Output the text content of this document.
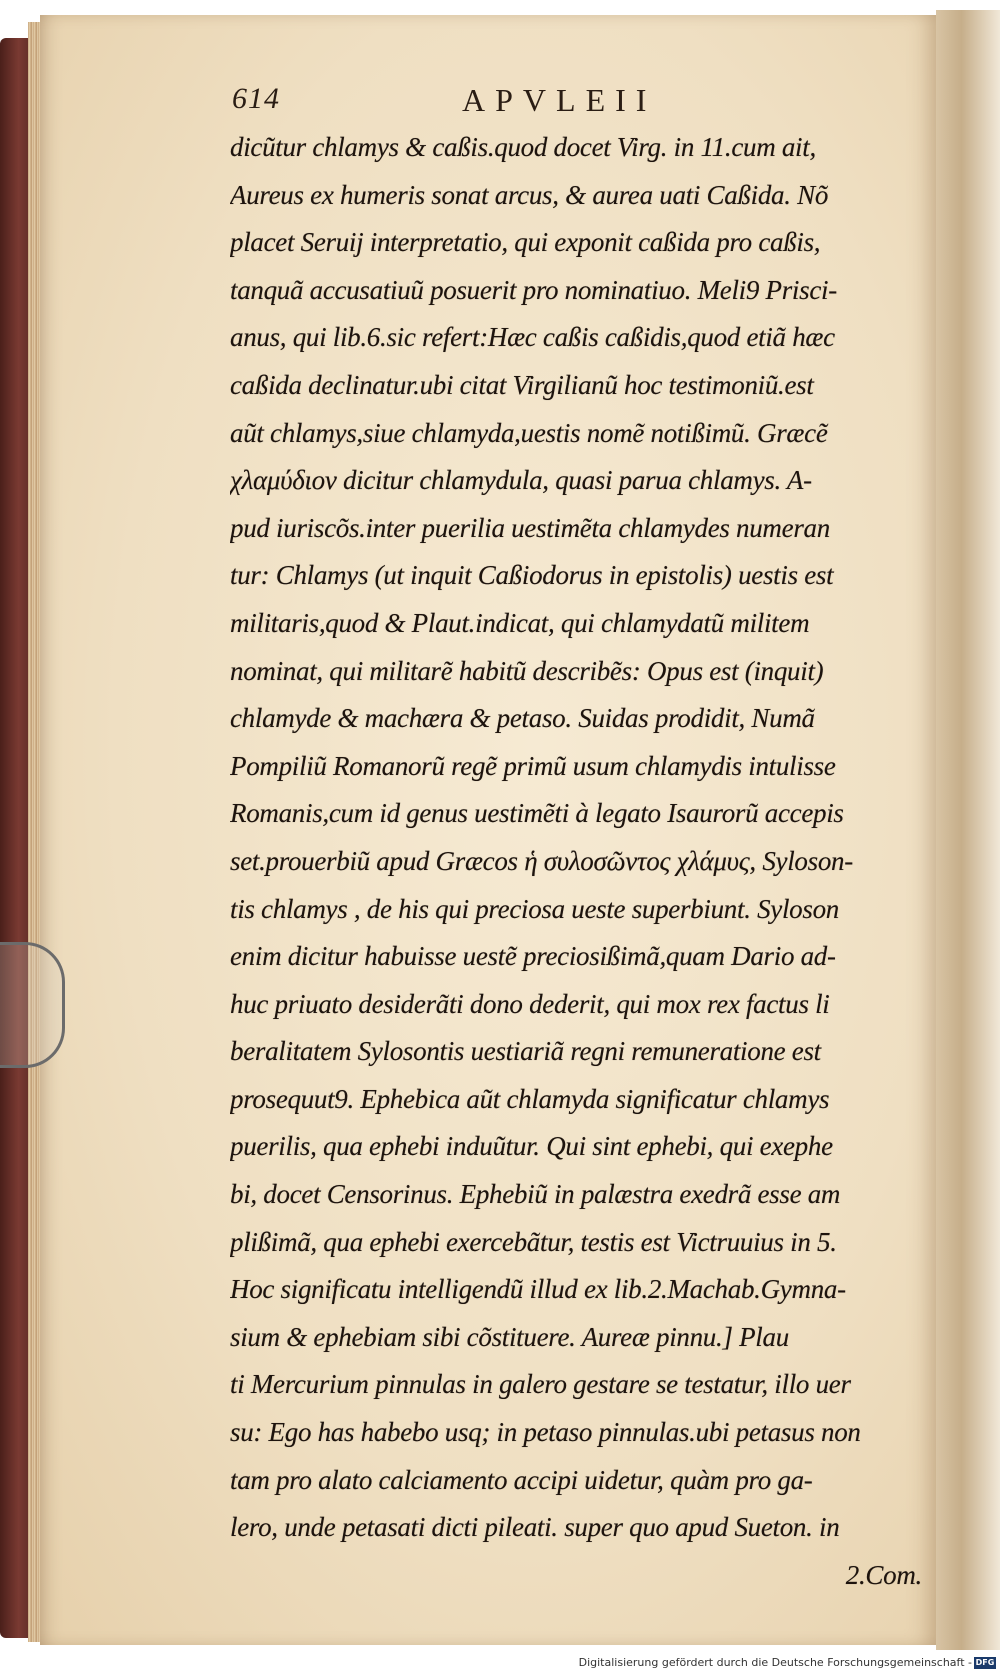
614	APVLEII
dicũtur chlamys & caßis.quod docet Virg. in 11.cum ait,
Aureus ex humeris sonat arcus, & aurea uati Caßida. Nõ
placet Seruij interpretatio, qui exponit caßida pro caßis,
tanquã accusatiuũ posuerit pro nominatiuo. Meli9 Prisci-
anus, qui lib.6.sic refert:Hæc caßis caßidis,quod etiã hæc
caßida declinatur.ubi citat Virgilianũ hoc testimoniũ.est
aũt chlamys,siue chlamyda,uestis nomẽ notißimũ. Græcẽ
χλαμύδιον dicitur chlamydula, quasi parua chlamys. A-
pud iuriscõs.inter puerilia uestimẽta chlamydes numeran
tur: Chlamys (ut inquit Caßiodorus in epistolis) uestis est
militaris,quod & Plaut.indicat, qui chlamydatũ militem
nominat, qui militarẽ habitũ describẽs: Opus est (inquit)
chlamyde & machæra & petaso. Suidas prodidit, Numã
Pompiliũ Romanorũ regẽ primũ usum chlamydis intulisse
Romanis,cum id genus uestimẽti à legato Isaurorũ accepis
set.prouerbiũ apud Græcos ἡ συλοσῶντος χλάμυς, Syloson-
tis chlamys , de his qui preciosa ueste superbiunt. Syloson
enim dicitur habuisse uestẽ preciosißimã,quam Dario ad-
huc priuato desiderãti dono dederit, qui mox rex factus li
beralitatem Sylosontis uestiariã regni remuneratione est
prosequut9. Ephebica aũt chlamyda significatur chlamys
puerilis, qua ephebi induũtur. Qui sint ephebi, qui exephe
bi, docet Censorinus. Ephebiũ in palæstra exedrã esse am
plißimã, qua ephebi exercebãtur, testis est Victruuius in 5.
Hoc significatu intelligendũ illud ex lib.2.Machab.Gymna-
sium & ephebiam sibi cõstituere. Aureæ pinnu.] Plau
ti Mercurium pinnulas in galero gestare se testatur, illo uer
su: Ego has habebo usq; in petaso pinnulas.ubi petasus non
tam pro alato calciamento accipi uidetur, quàm pro ga-
lero, unde petasati dicti pileati. super quo apud Sueton. in
2.Com.
Digitalisierung gefördert durch die Deutsche Forschungsgemeinschaft - DFG
